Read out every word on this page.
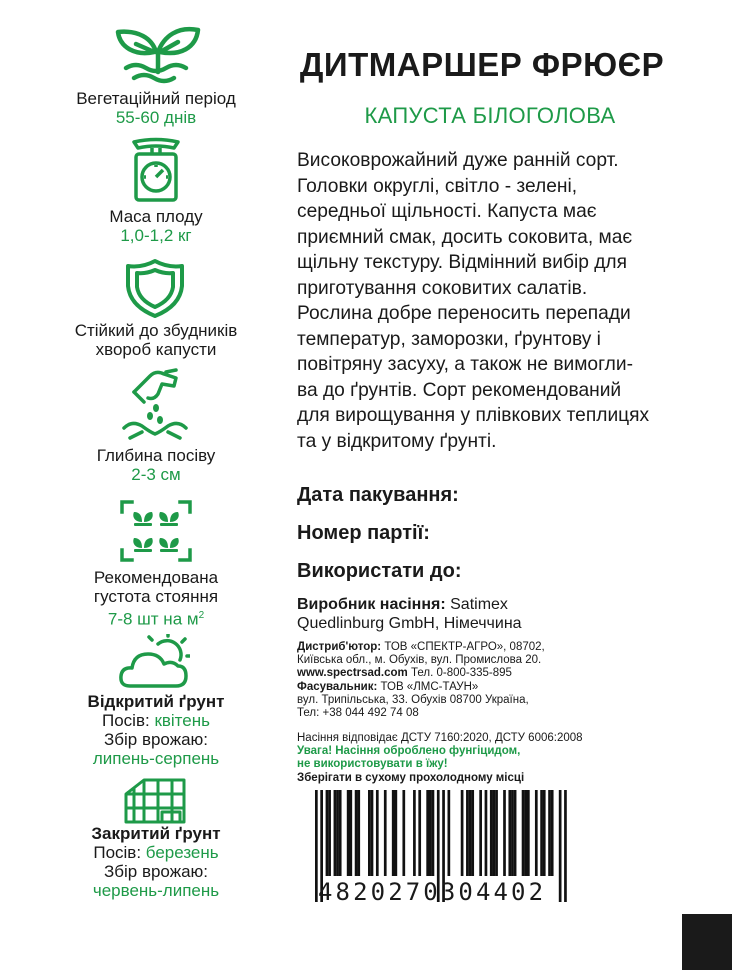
Вегетаційний період
55-60 днів
Маса плоду
1,0-1,2 кг
Стійкий до збудників
хвороб капусти
Глибина посіву
2-3 см
Рекомендована
густота стояння
7-8 шт на $м^2$
Відкритий ґрунт
Посів: квітень
Збір врожаю:
липень-серпень
Закритий ґрунт
Посів: березень
Збір врожаю:
червень-липень
ДИТМАРШЕР ФРЮЄР
КАПУСТА БІЛОГОЛОВА
Високоврожайний дуже ранній сорт.
Головки округлі, світло - зелені,
середньої щільності. Капуста має
приємний смак, досить соковита, має
щільну текстуру. Відмінний вибір для
приготування соковитих салатів.
Рослина добре переносить перепади
температур, заморозки, ґрунтову і
повітряну засуху, а також не вимогли-
ва до ґрунтів. Сорт рекомендований
для вирощування у плівкових теплицях
та у відкритому ґрунті.
Дата пакування:
Номер партії:
Використати до:
Виробник насіння: Satimex
Quedlinburg GmbH, Німеччина
Дистриб'ютор: ТОВ «СПЕКТР-АГРО», 08702,
Київська обл., м. Обухів, вул. Промислова 20.
www.spectrsad.com Тел. 0-800-335-895
Фасувальник: ТОВ «ЛМС-ТАУН»
вул. Трипільська, 33. Обухів 08700 Україна,
Тел: +38 044 492 74 08
Насіння відповідає ДСТУ 7160:2020, ДСТУ 6006:2008
Увага! Насіння оброблено фунгіцидом,
не використовувати в їжу!
Зберігати в сухому прохолодному місці
4820270304402
